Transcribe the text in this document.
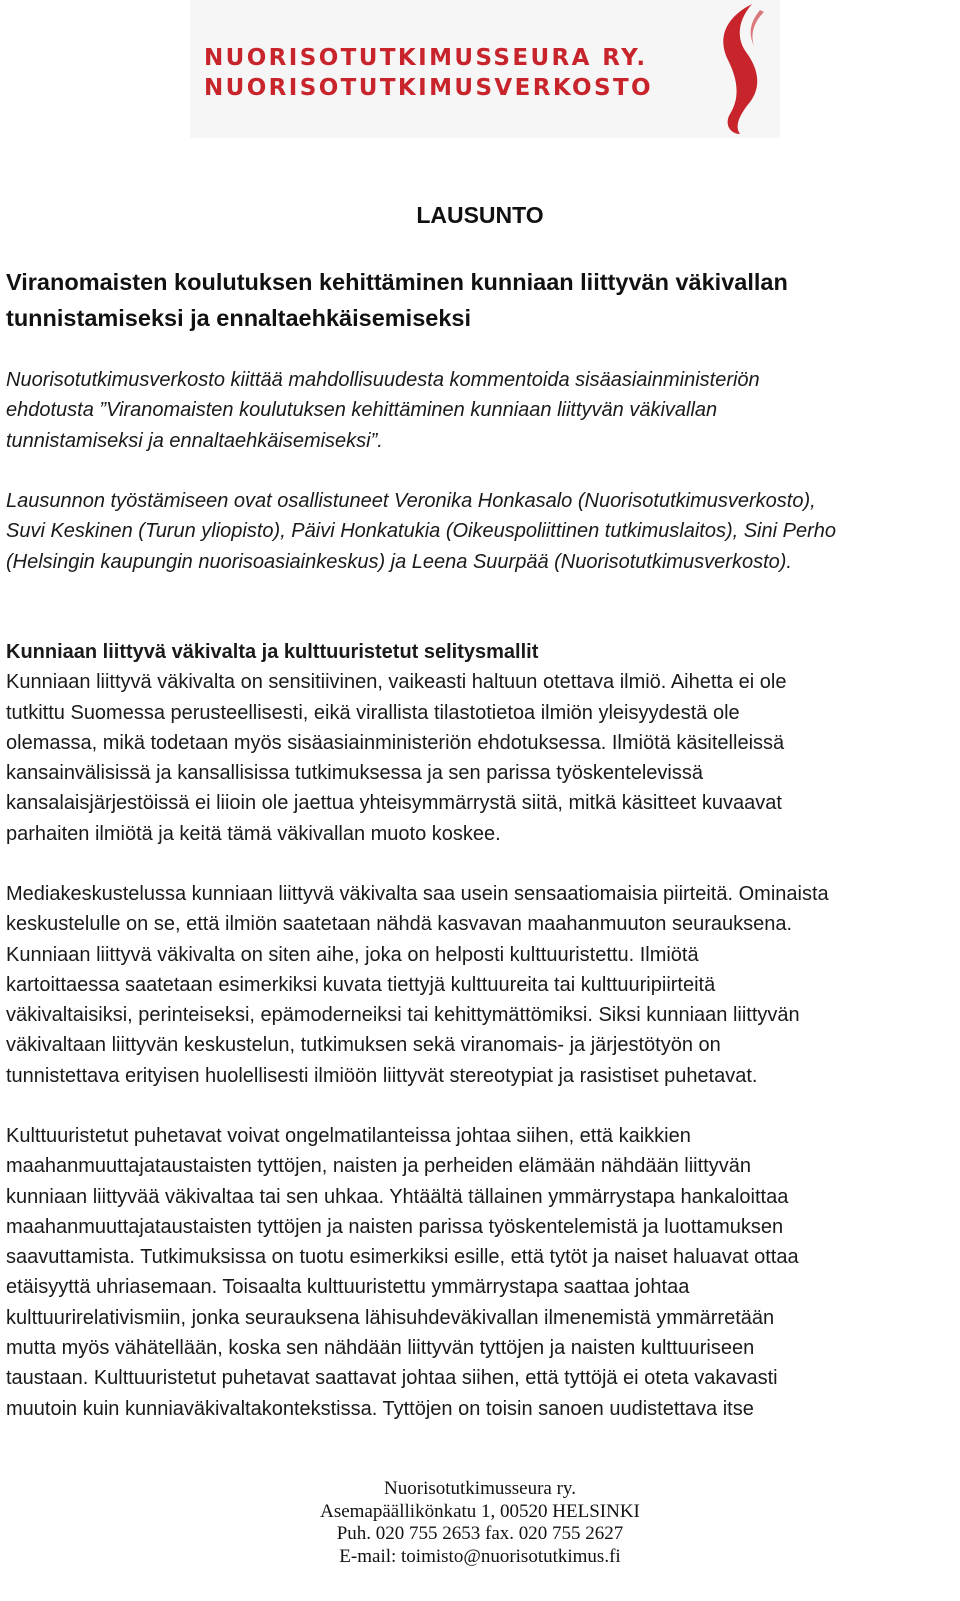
NUORISOTUTKIMUSSEURA RY.
NUORISOTUTKIMUSVERKOSTO
LAUSUNTO
Viranomaisten koulutuksen kehittäminen kunniaan liittyvän väkivallan
tunnistamiseksi ja ennaltaehkäisemiseksi
Nuorisotutkimusverkosto kiittää mahdollisuudesta kommentoida sisäasiainministeriön
ehdotusta ”Viranomaisten koulutuksen kehittäminen kunniaan liittyvän väkivallan
tunnistamiseksi ja ennaltaehkäisemiseksi”.
Lausunnon työstämiseen ovat osallistuneet Veronika Honkasalo (Nuorisotutkimusverkosto),
Suvi Keskinen (Turun yliopisto), Päivi Honkatukia (Oikeuspoliittinen tutkimuslaitos), Sini Perho
(Helsingin kaupungin nuorisoasiainkeskus) ja Leena Suurpää (Nuorisotutkimusverkosto).
Kunniaan liittyvä väkivalta ja kulttuuristetut selitysmallit
Kunniaan liittyvä väkivalta on sensitiivinen, vaikeasti haltuun otettava ilmiö. Aihetta ei ole
tutkittu Suomessa perusteellisesti, eikä virallista tilastotietoa ilmiön yleisyydestä ole
olemassa, mikä todetaan myös sisäasiainministeriön ehdotuksessa. Ilmiötä käsitelleissä
kansainvälisissä ja kansallisissa tutkimuksessa ja sen parissa työskentelevissä
kansalaisjärjestöissä ei liioin ole jaettua yhteisymmärrystä siitä, mitkä käsitteet kuvaavat
parhaiten ilmiötä ja keitä tämä väkivallan muoto koskee.
Mediakeskustelussa kunniaan liittyvä väkivalta saa usein sensaatiomaisia piirteitä. Ominaista
keskustelulle on se, että ilmiön saatetaan nähdä kasvavan maahanmuuton seurauksena.
Kunniaan liittyvä väkivalta on siten aihe, joka on helposti kulttuuristettu. Ilmiötä
kartoittaessa saatetaan esimerkiksi kuvata tiettyjä kulttuureita tai kulttuuripiirteitä
väkivaltaisiksi, perinteiseksi, epämoderneiksi tai kehittymättömiksi. Siksi kunniaan liittyvän
väkivaltaan liittyvän keskustelun, tutkimuksen sekä viranomais- ja järjestötyön on
tunnistettava erityisen huolellisesti ilmiöön liittyvät stereotypiat ja rasistiset puhetavat.
Kulttuuristetut puhetavat voivat ongelmatilanteissa johtaa siihen, että kaikkien
maahanmuuttajataustaisten tyttöjen, naisten ja perheiden elämään nähdään liittyvän
kunniaan liittyvää väkivaltaa tai sen uhkaa. Yhtäältä tällainen ymmärrystapa hankaloittaa
maahanmuuttajataustaisten tyttöjen ja naisten parissa työskentelemistä ja luottamuksen
saavuttamista. Tutkimuksissa on tuotu esimerkiksi esille, että tytöt ja naiset haluavat ottaa
etäisyyttä uhriasemaan. Toisaalta kulttuuristettu ymmärrystapa saattaa johtaa
kulttuurirelativismiin, jonka seurauksena lähisuhdeväkivallan ilmenemistä ymmärretään
mutta myös vähätellään, koska sen nähdään liittyvän tyttöjen ja naisten kulttuuriseen
taustaan. Kulttuuristetut puhetavat saattavat johtaa siihen, että tyttöjä ei oteta vakavasti
muutoin kuin kunniaväkivaltakontekstissa. Tyttöjen on toisin sanoen uudistettava itse
Nuorisotutkimusseura ry.
Asemapäällikönkatu 1, 00520 HELSINKI
Puh. 020 755 2653 fax. 020 755 2627
E-mail: toimisto@nuorisotutkimus.fi
